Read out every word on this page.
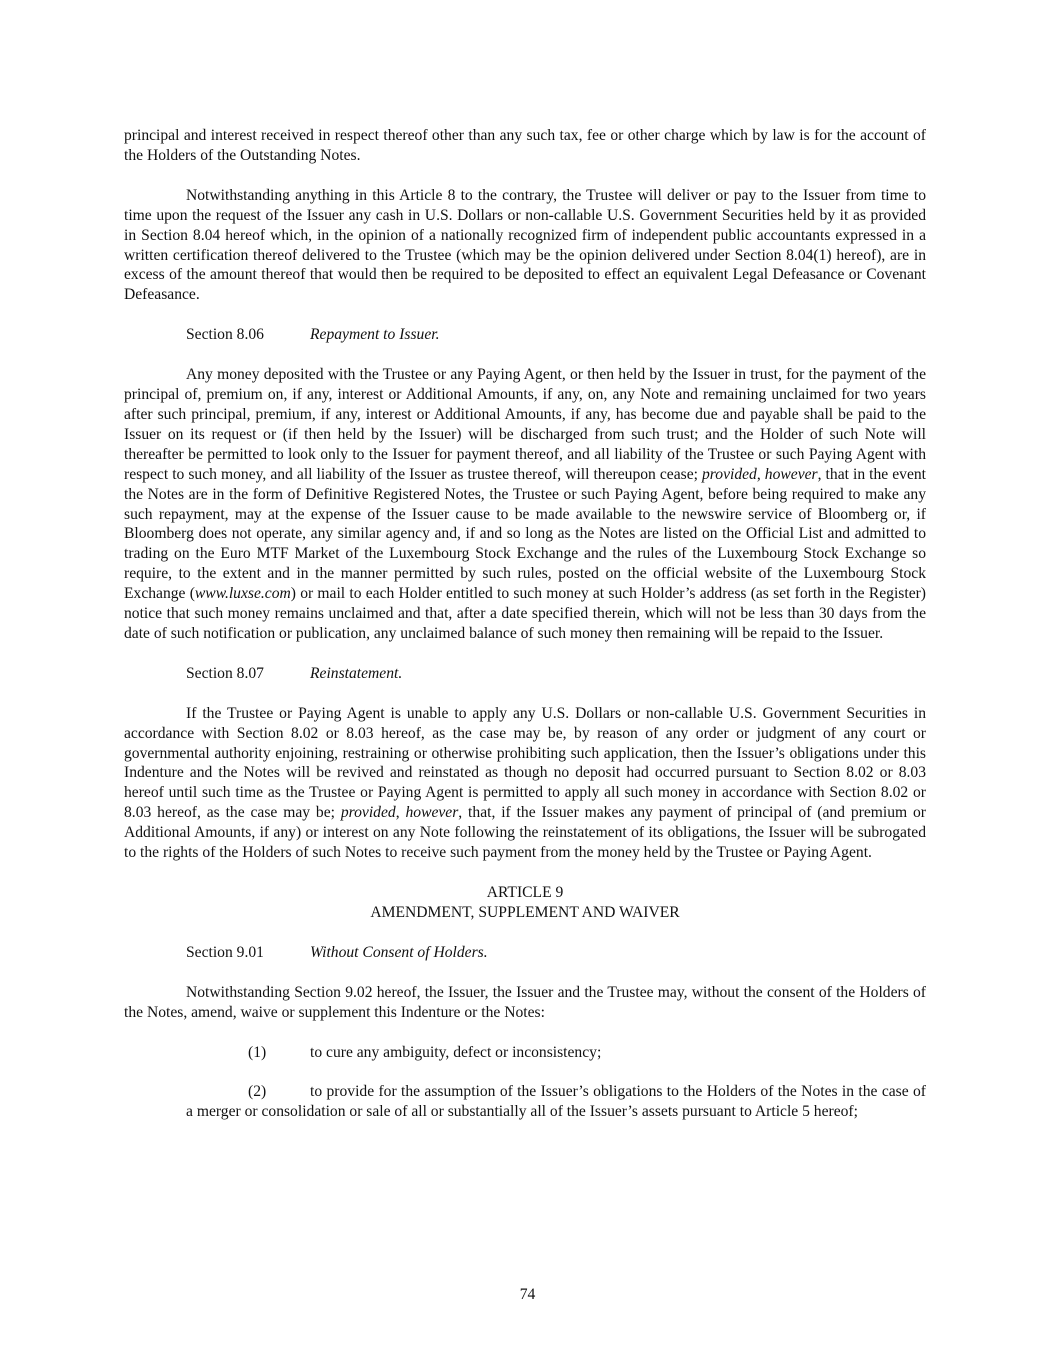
principal and interest received in respect thereof other than any such tax, fee or other charge which by law is for the account of the Holders of the Outstanding Notes.

Notwithstanding anything in this Article 8 to the contrary, the Trustee will deliver or pay to the Issuer from time to time upon the request of the Issuer any cash in U.S. Dollars or non-callable U.S. Government Securities held by it as provided in Section 8.04 hereof which, in the opinion of a nationally recognized firm of independent public accountants expressed in a written certification thereof delivered to the Trustee (which may be the opinion delivered under Section 8.04(1) hereof), are in excess of the amount thereof that would then be required to be deposited to effect an equivalent Legal Defeasance or Covenant Defeasance.

Section 8.06	Repayment to Issuer.

Any money deposited with the Trustee or any Paying Agent, or then held by the Issuer in trust, for the payment of the principal of, premium on, if any, interest or Additional Amounts, if any, on, any Note and remaining unclaimed for two years after such principal, premium, if any, interest or Additional Amounts, if any, has become due and payable shall be paid to the Issuer on its request or (if then held by the Issuer) will be discharged from such trust; and the Holder of such Note will thereafter be permitted to look only to the Issuer for payment thereof, and all liability of the Trustee or such Paying Agent with respect to such money, and all liability of the Issuer as trustee thereof, will thereupon cease; provided, however, that in the event the Notes are in the form of Definitive Registered Notes, the Trustee or such Paying Agent, before being required to make any such repayment, may at the expense of the Issuer cause to be made available to the newswire service of Bloomberg or, if Bloomberg does not operate, any similar agency and, if and so long as the Notes are listed on the Official List and admitted to trading on the Euro MTF Market of the Luxembourg Stock Exchange and the rules of the Luxembourg Stock Exchange so require, to the extent and in the manner permitted by such rules, posted on the official website of the Luxembourg Stock Exchange (www.luxse.com) or mail to each Holder entitled to such money at such Holder’s address (as set forth in the Register) notice that such money remains unclaimed and that, after a date specified therein, which will not be less than 30 days from the date of such notification or publication, any unclaimed balance of such money then remaining will be repaid to the Issuer.

Section 8.07	Reinstatement.

If the Trustee or Paying Agent is unable to apply any U.S. Dollars or non-callable U.S. Government Securities in accordance with Section 8.02 or 8.03 hereof, as the case may be, by reason of any order or judgment of any court or governmental authority enjoining, restraining or otherwise prohibiting such application, then the Issuer’s obligations under this Indenture and the Notes will be revived and reinstated as though no deposit had occurred pursuant to Section 8.02 or 8.03 hereof until such time as the Trustee or Paying Agent is permitted to apply all such money in accordance with Section 8.02 or 8.03 hereof, as the case may be; provided, however, that, if the Issuer makes any payment of principal of (and premium or Additional Amounts, if any) or interest on any Note following the reinstatement of its obligations, the Issuer will be subrogated to the rights of the Holders of such Notes to receive such payment from the money held by the Trustee or Paying Agent.

ARTICLE 9
AMENDMENT, SUPPLEMENT AND WAIVER
Section 9.01	Without Consent of Holders.

Notwithstanding Section 9.02 hereof, the Issuer, the Issuer and the Trustee may, without the consent of the Holders of the Notes, amend, waive or supplement this Indenture or the Notes:

(1)	to cure any ambiguity, defect or inconsistency;
(2)	to provide for the assumption of the Issuer’s obligations to the Holders of the Notes in the case of a merger or consolidation or sale of all or substantially all of the Issuer’s assets pursuant to Article 5 hereof;
74
